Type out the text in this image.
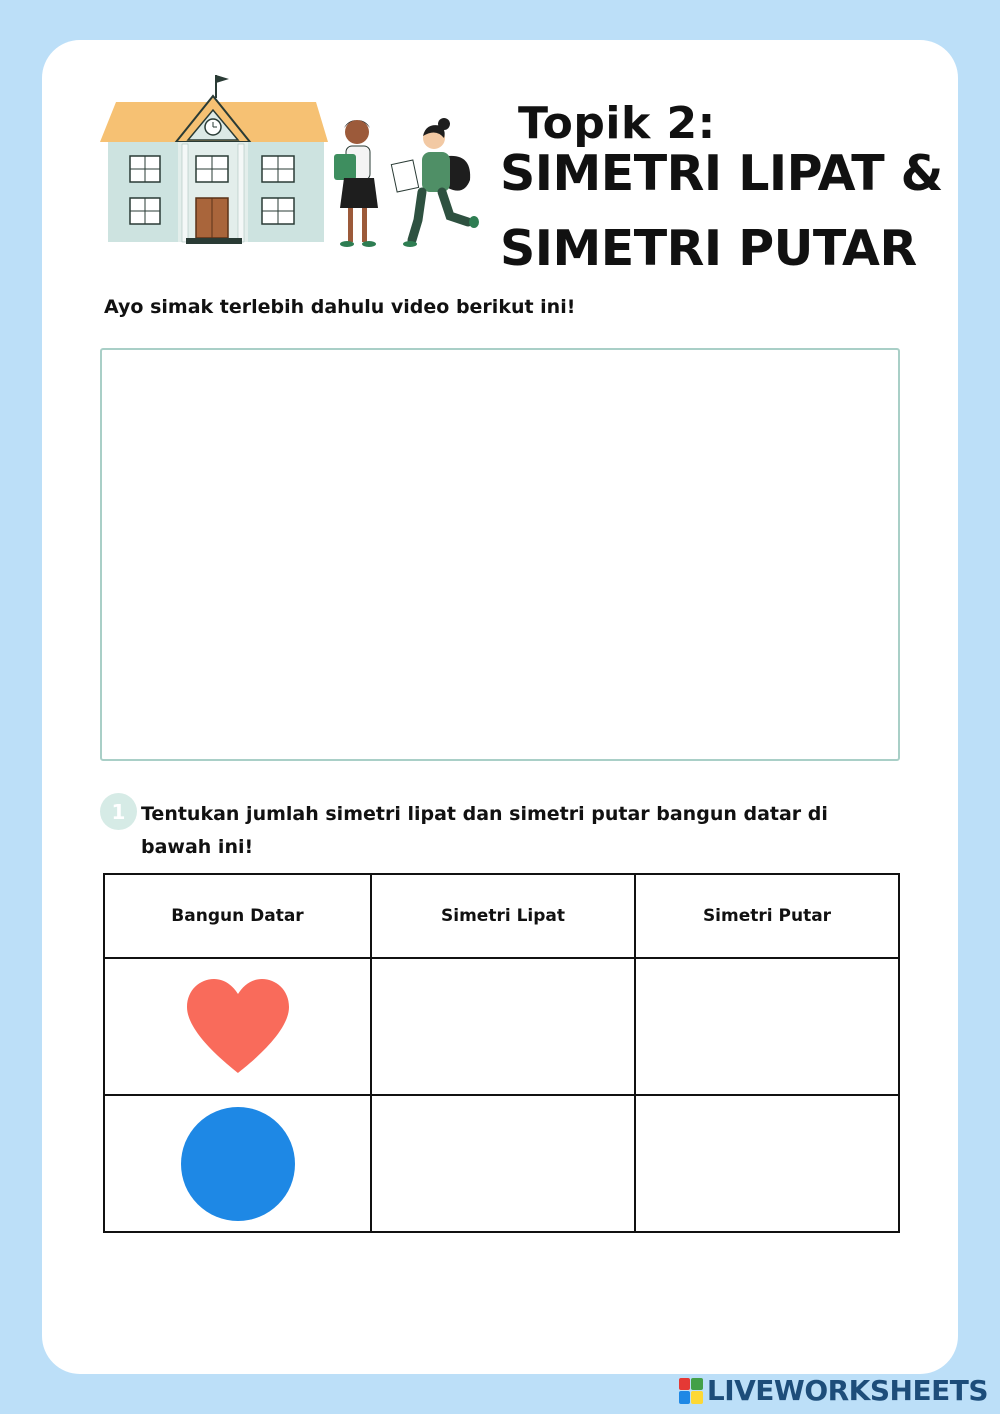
Topik 2:
SIMETRI LIPAT &
SIMETRI PUTAR
Ayo simak terlebih dahulu video berikut ini!
1 Tentukan jumlah simetri lipat dan simetri putar bangun datar di bawah ini!
Bangun Datar	Simetri Lipat	Simetri Putar

LIVEWORKSHEETS
